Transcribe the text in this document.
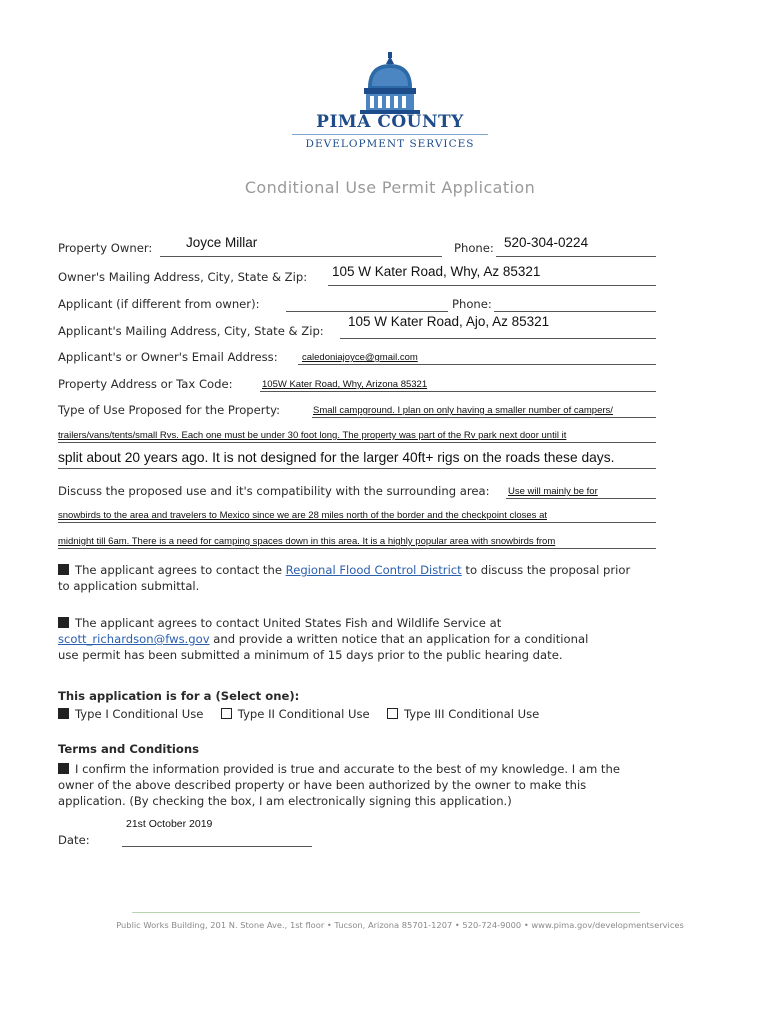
PIMA COUNTY
DEVELOPMENT SERVICES
Conditional Use Permit Application
Property Owner: Joyce Millar	Phone: 520-304-0224
Owner's Mailing Address, City, State & Zip: 105 W Kater Road, Why, Az 85321
Applicant (if different from owner):	Phone:
Applicant's Mailing Address, City, State & Zip:
105 W Kater Road, Ajo, Az 85321
Applicant's or Owner's Email Address:	caledoniajoyce@gmail.com
Property Address or Tax Code:	105W Kater Road, Why, Arizona 85321
Type of Use Proposed for the Property:	Small campground. I plan on only having a smaller number of campers/
trailers/vans/tents/small Rvs. Each one must be under 30 foot long. The property was part of the Rv park next door until it
split about 20 years ago. It is not designed for the larger 40ft+ rigs on the roads these days.
Discuss the proposed use and it's compatibility with the surrounding area: Use will mainly be for
snowbirds to the area and travelers to Mexico since we are 28 miles north of the border and the checkpoint closes at
midnight till 6am. There is a need for camping spaces down in this area. It is a highly popular area with snowbirds from
The applicant agrees to contact the Regional Flood Control District to discuss the proposal prior
to application submittal.
The applicant agrees to contact United States Fish and Wildlife Service at
scott_richardson@fws.gov and provide a written notice that an application for a conditional
use permit has been submitted a minimum of 15 days prior to the public hearing date.
This application is for a (Select one):
Type I Conditional Use	Type II Conditional Use	Type III Conditional Use
Terms and Conditions
I confirm the information provided is true and accurate to the best of my knowledge. I am the
owner of the above described property or have been authorized by the owner to make this
application. (By checking the box, I am electronically signing this application.)
21st October 2019
Date:
Public Works Building, 201 N. Stone Ave., 1st floor • Tucson, Arizona 85701-1207 • 520-724-9000 • www.pima.gov/developmentservices
